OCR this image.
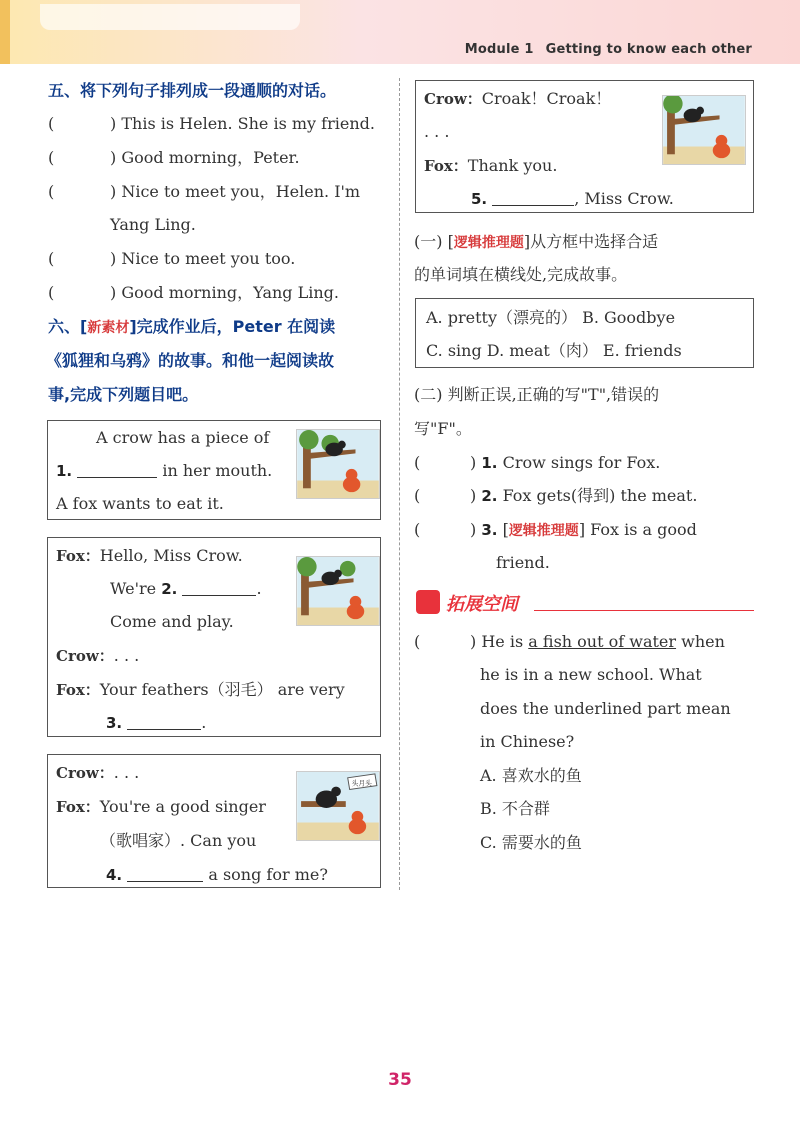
Module 1 Getting to know each other
五、将下列句子排列成一段通顺的对话。
(	) This is Helen. She is my friend.
(	) Good morning，Peter.
(	) Nice to meet you，Helen. I'm
Yang Ling.
(	) Nice to meet you too.
(	) Good morning，Yang Ling.
六、[新素材]完成作业后，Peter 在阅读
《狐狸和乌鸦》的故事。和他一起阅读故
事,完成下列题目吧。
A crow has a piece of
1.	in her mouth.
A fox wants to eat it.
Fox：Hello, Miss Crow.
We're 2.	.
Come and play.
Crow：. . .
Fox：Your feathers（羽毛） are very
3.	.
Crow：. . .
Fox：You're a good singer
（歌唱家）. Can you
4.	a song for me?
头月头
Crow：Croak！Croak！
. . .
Fox：Thank you.
5.	, Miss Crow.
(一) [逻辑推理题]从方框中选择合适
的单词填在横线处,完成故事。
A. pretty（漂亮的） B. Goodbye
C. sing D. meat（肉） E. friends
(二) 判断正误,正确的写"T",错误的
写"F"。
(	) 1. Crow sings for Fox.
(	) 2. Fox gets(得到) the meat.
(	) 3. [逻辑推理题] Fox is a good
friend.
拓展空间
(	) He is a fish out of water when
he is in a new school. What
does the underlined part mean
in Chinese?
A. 喜欢水的鱼
B. 不合群
C. 需要水的鱼
35
